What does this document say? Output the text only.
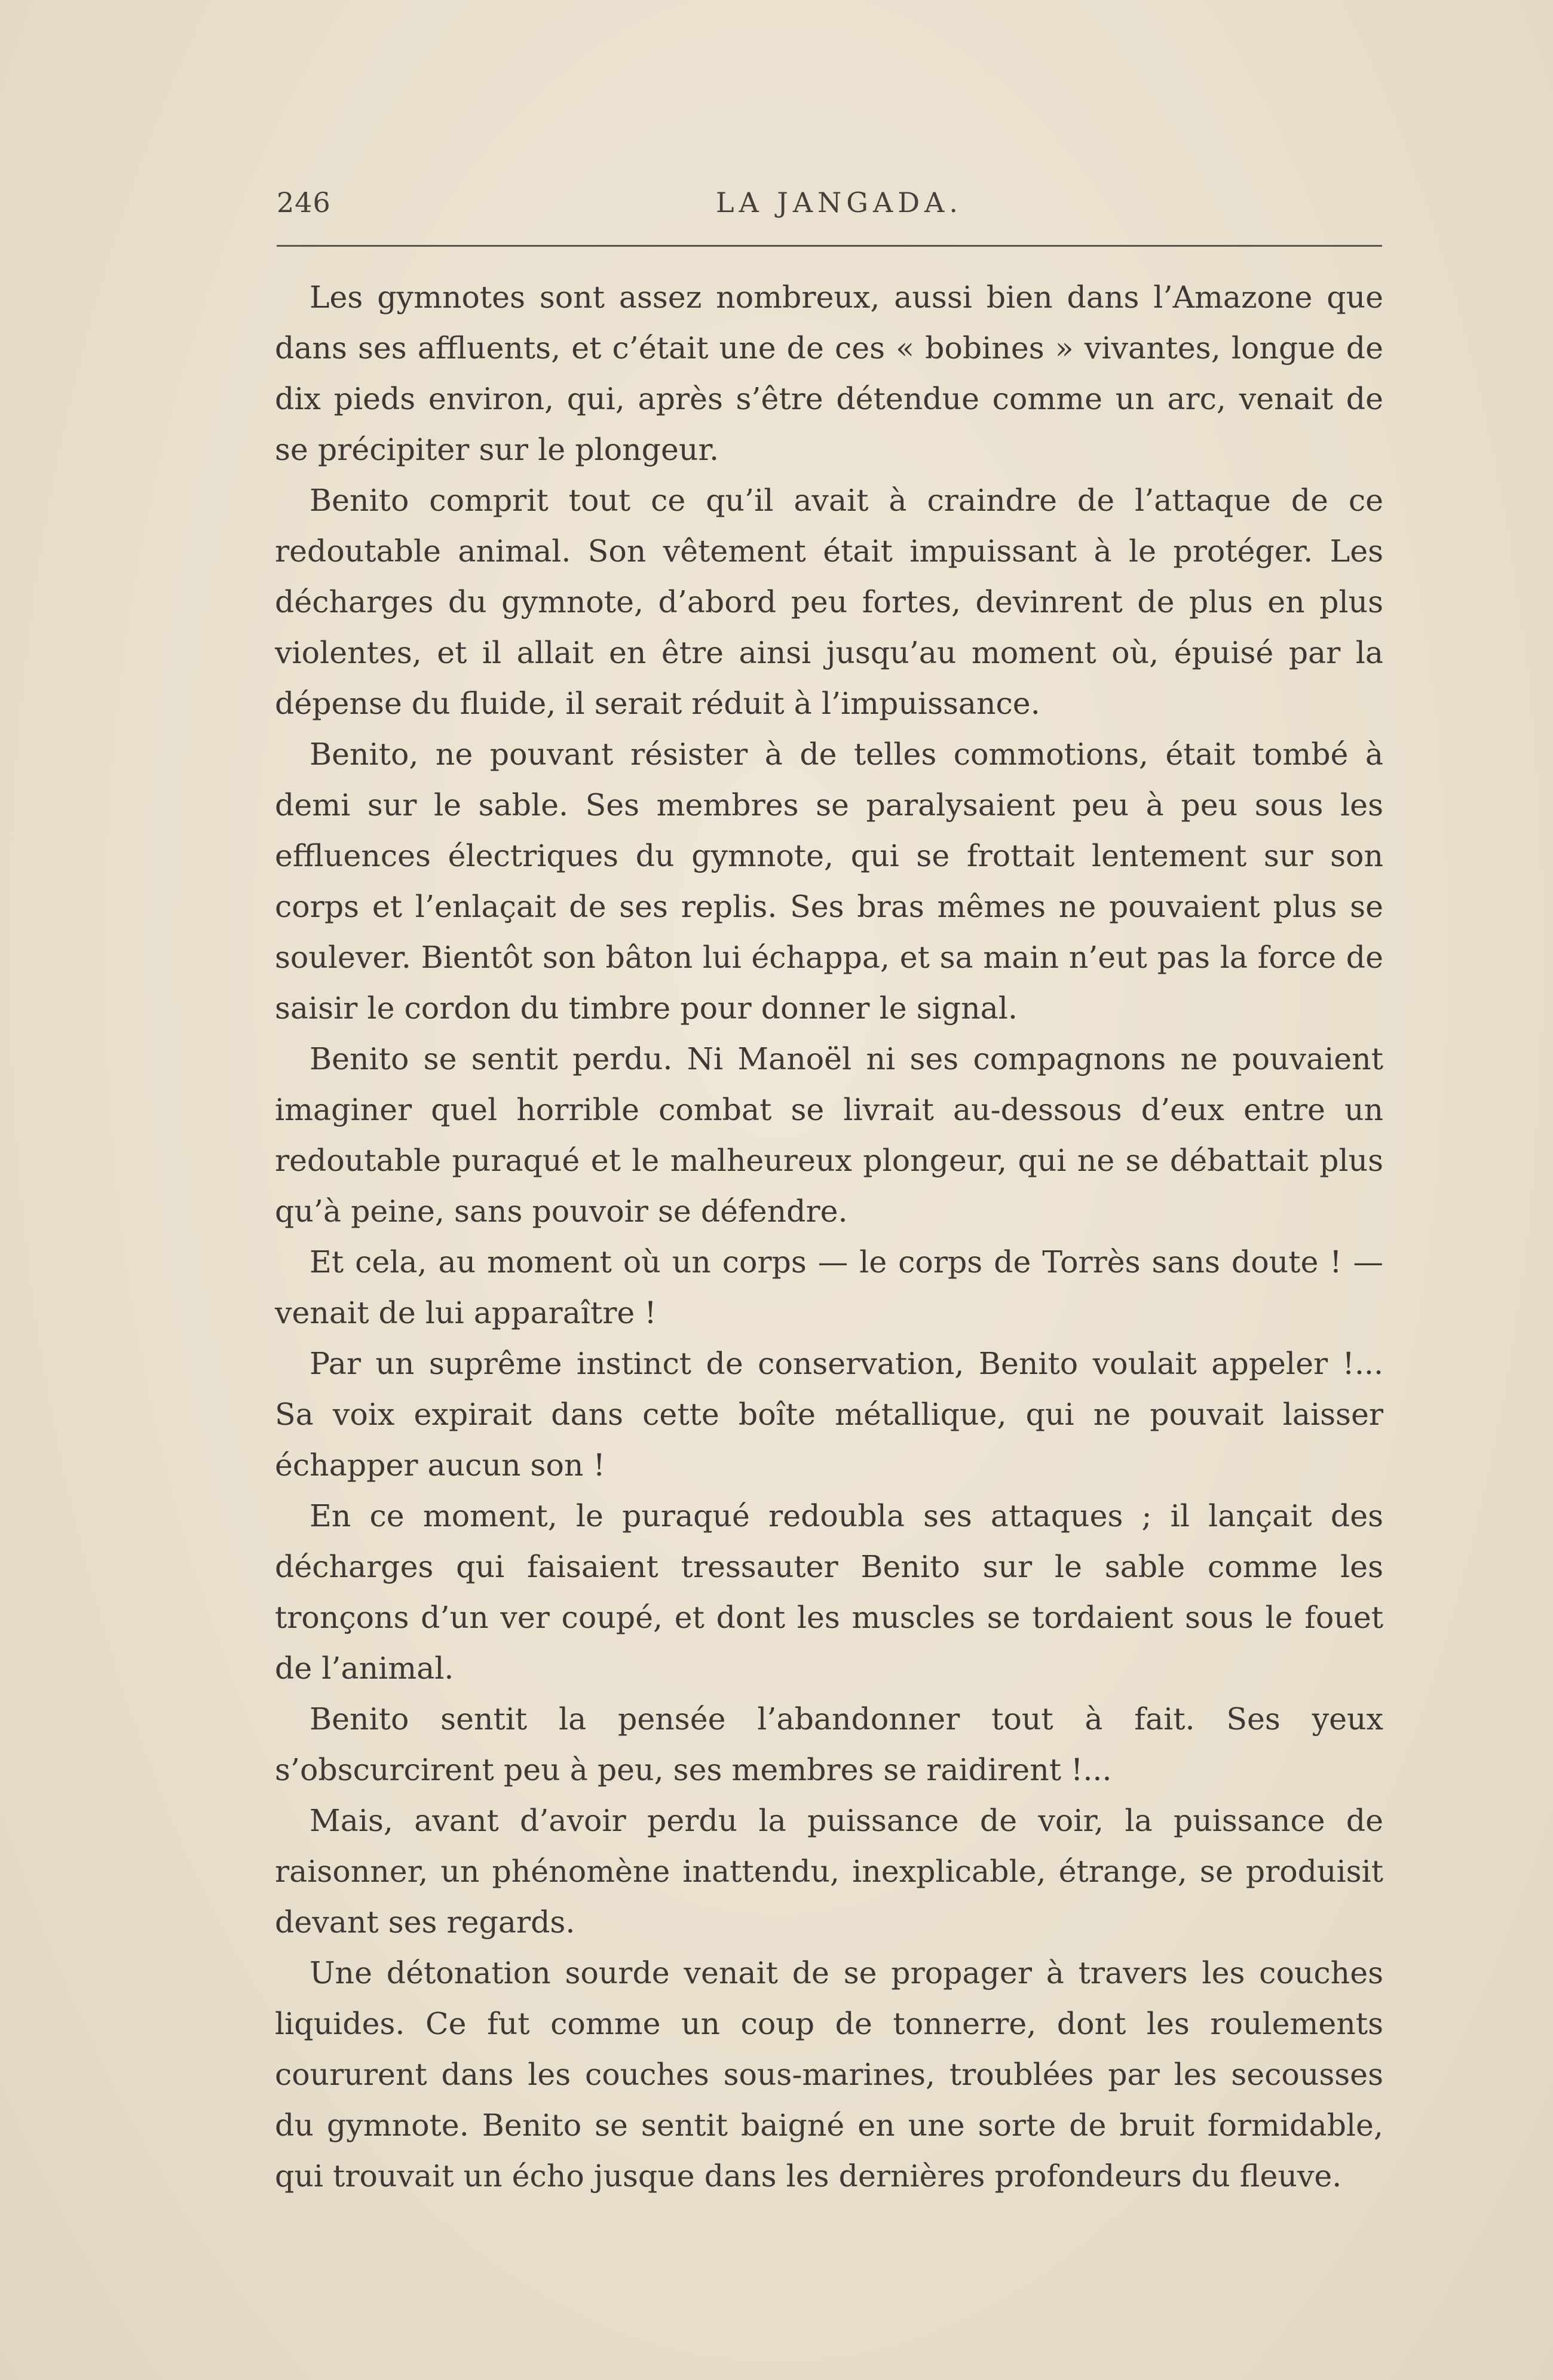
246	LA JANGADA.

Les gymnotes sont assez nombreux, aussi bien dans l’Amazone que dans ses affluents, et c’était une de ces « bobines » vivantes, longue de dix pieds environ, qui, après s’être détendue comme un arc, venait de se précipiter sur le plongeur.

Benito comprit tout ce qu’il avait à craindre de l’attaque de ce redoutable animal. Son vêtement était impuissant à le protéger. Les décharges du gymnote, d’abord peu fortes, devinrent de plus en plus violentes, et il allait en être ainsi jusqu’au moment où, épuisé par la dépense du fluide, il serait réduit à l’impuissance.

Benito, ne pouvant résister à de telles commotions, était tombé à demi sur le sable. Ses membres se paralysaient peu à peu sous les effluences électriques du gymnote, qui se frottait lentement sur son corps et l’enlaçait de ses replis. Ses bras mêmes ne pouvaient plus se soulever. Bientôt son bâton lui échappa, et sa main n’eut pas la force de saisir le cordon du timbre pour donner le signal.

Benito se sentit perdu. Ni Manoël ni ses compagnons ne pouvaient imaginer quel horrible combat se livrait au-dessous d’eux entre un redoutable puraqué et le malheureux plongeur, qui ne se débattait plus qu’à peine, sans pouvoir se défendre.

Et cela, au moment où un corps — le corps de Torrès sans doute ! — venait de lui apparaître !

Par un suprême instinct de conservation, Benito voulait appeler !... Sa voix expirait dans cette boîte métallique, qui ne pouvait laisser échapper aucun son !

En ce moment, le puraqué redoubla ses attaques ; il lançait des décharges qui faisaient tressauter Benito sur le sable comme les tronçons d’un ver coupé, et dont les muscles se tordaient sous le fouet de l’animal.

Benito sentit la pensée l’abandonner tout à fait. Ses yeux s’obscurcirent peu à peu, ses membres se raidirent !...

Mais, avant d’avoir perdu la puissance de voir, la puissance de raisonner, un phénomène inattendu, inexplicable, étrange, se produisit devant ses regards.

Une détonation sourde venait de se propager à travers les couches liquides. Ce fut comme un coup de tonnerre, dont les roulements coururent dans les couches sous-marines, troublées par les secousses du gymnote. Benito se sentit baigné en une sorte de bruit formidable, qui trouvait un écho jusque dans les dernières profondeurs du fleuve.
